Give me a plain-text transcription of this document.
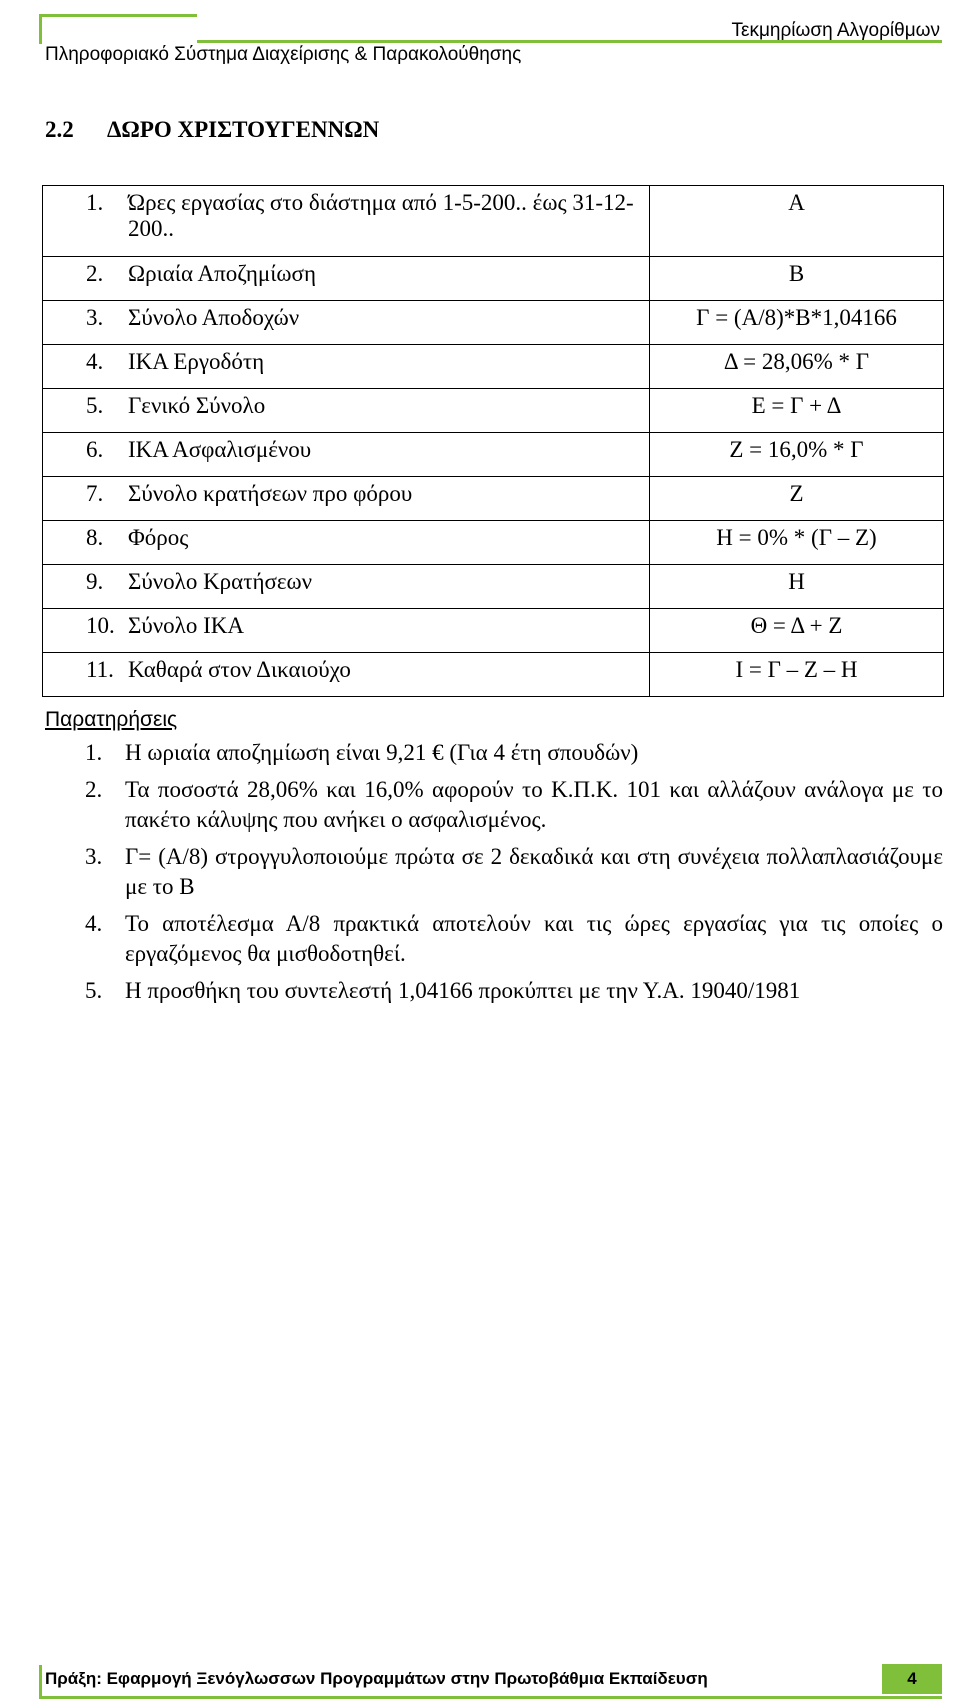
Τεκμηρίωση Αλγορίθμων
Πληροφοριακό Σύστημα Διαχείρισης & Παρακολούθησης
2.2 ΔΩΡΟ ΧΡΙΣΤΟΥΓΕΝΝΩΝ
1. Ώρες εργασίας στο διάστημα από 1-5-200.. έως 31-12-200..	Α

2. Ωριαία Αποζημίωση	Β

3. Σύνολο Αποδοχών	Γ = (Α/8)*Β*1,04166

4. ΙΚΑ Εργοδότη	Δ = 28,06% * Γ

5. Γενικό Σύνολο	Ε = Γ + Δ

6. ΙΚΑ Ασφαλισμένου	Ζ = 16,0% * Γ

7. Σύνολο κρατήσεων προ φόρου	Ζ

8. Φόρος	Η = 0% * (Γ – Ζ)

9. Σύνολο Κρατήσεων	Η

10. Σύνολο ΙΚΑ	Θ = Δ + Ζ

11. Καθαρά στον Δικαιούχο	Ι = Γ – Ζ – Η
Παρατηρήσεις
1. Η ωριαία αποζημίωση είναι 9,21 € (Για 4 έτη σπουδών)
2. Τα ποσοστά 28,06% και 16,0% αφορούν το Κ.Π.Κ. 101 και αλλάζουν ανάλογα με το πακέτο κάλυψης που ανήκει ο ασφαλισμένος.
3. Γ= (Α/8) στρογγυλοποιούμε πρώτα σε 2 δεκαδικά και στη συνέχεια πολλαπλασιάζουμε με το Β
4. Το αποτέλεσμα Α/8 πρακτικά αποτελούν και τις ώρες εργασίας για τις οποίες ο εργαζόμενος θα μισθοδοτηθεί.
5. Η προσθήκη του συντελεστή 1,04166 προκύπτει με την Υ.Α. 19040/1981
Πράξη: Εφαρμογή Ξενόγλωσσων Προγραμμάτων στην Πρωτοβάθμια Εκπαίδευση	4
